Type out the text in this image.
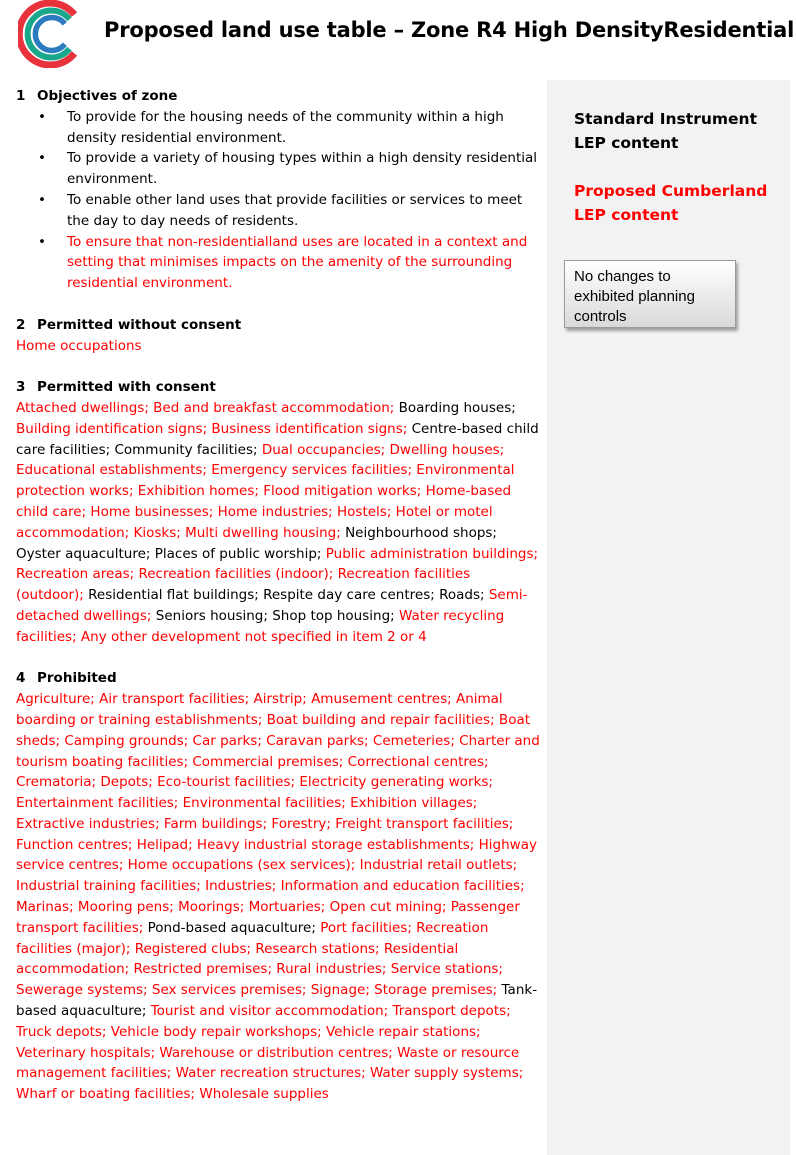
Proposed land use table – Zone R4 High DensityResidential

1 Objectives of zone

• To provide for the housing needs of the community within a high density residential environment.
• To provide a variety of housing types within a high density residential environment.
• To enable other land uses that provide facilities or services to meet the day to day needs of residents.
• To ensure that non-residentialland uses are located in a context and setting that minimises impacts on the amenity of the surrounding residential environment.

2 Permitted without consent

Home occupations

3 Permitted with consent

Attached dwellings; Bed and breakfast accommodation; Boarding houses; Building identification signs; Business identification signs; Centre-based child care facilities; Community facilities; Dual occupancies; Dwelling houses; Educational establishments; Emergency services facilities; Environmental protection works; Exhibition homes; Flood mitigation works; Home-based child care; Home businesses; Home industries; Hostels; Hotel or motel accommodation; Kiosks; Multi dwelling housing; Neighbourhood shops; Oyster aquaculture; Places of public worship; Public administration buildings; Recreation areas; Recreation facilities (indoor); Recreation facilities (outdoor); Residential flat buildings; Respite day care centres; Roads; Semi-detached dwellings; Seniors housing; Shop top housing; Water recycling facilities; Any other development not specified in item 2 or 4

4 Prohibited

Agriculture; Air transport facilities; Airstrip; Amusement centres; Animal boarding or training establishments; Boat building and repair facilities; Boat sheds; Camping grounds; Car parks; Caravan parks; Cemeteries; Charter and tourism boating facilities; Commercial premises; Correctional centres; Crematoria; Depots; Eco-tourist facilities; Electricity generating works; Entertainment facilities; Environmental facilities; Exhibition villages; Extractive industries; Farm buildings; Forestry; Freight transport facilities; Function centres; Helipad; Heavy industrial storage establishments; Highway service centres; Home occupations (sex services); Industrial retail outlets; Industrial training facilities; Industries; Information and education facilities; Marinas; Mooring pens; Moorings; Mortuaries; Open cut mining; Passenger transport facilities; Pond-based aquaculture; Port facilities; Recreation facilities (major); Registered clubs; Research stations; Residential accommodation; Restricted premises; Rural industries; Service stations; Sewerage systems; Sex services premises; Signage; Storage premises; Tank-based aquaculture; Tourist and visitor accommodation; Transport depots; Truck depots; Vehicle body repair workshops; Vehicle repair stations; Veterinary hospitals; Warehouse or distribution centres; Waste or resource management facilities; Water recreation structures; Water supply systems; Wharf or boating facilities; Wholesale supplies

Standard Instrument LEP content

Proposed Cumberland LEP content

No changes to exhibited planning controls
